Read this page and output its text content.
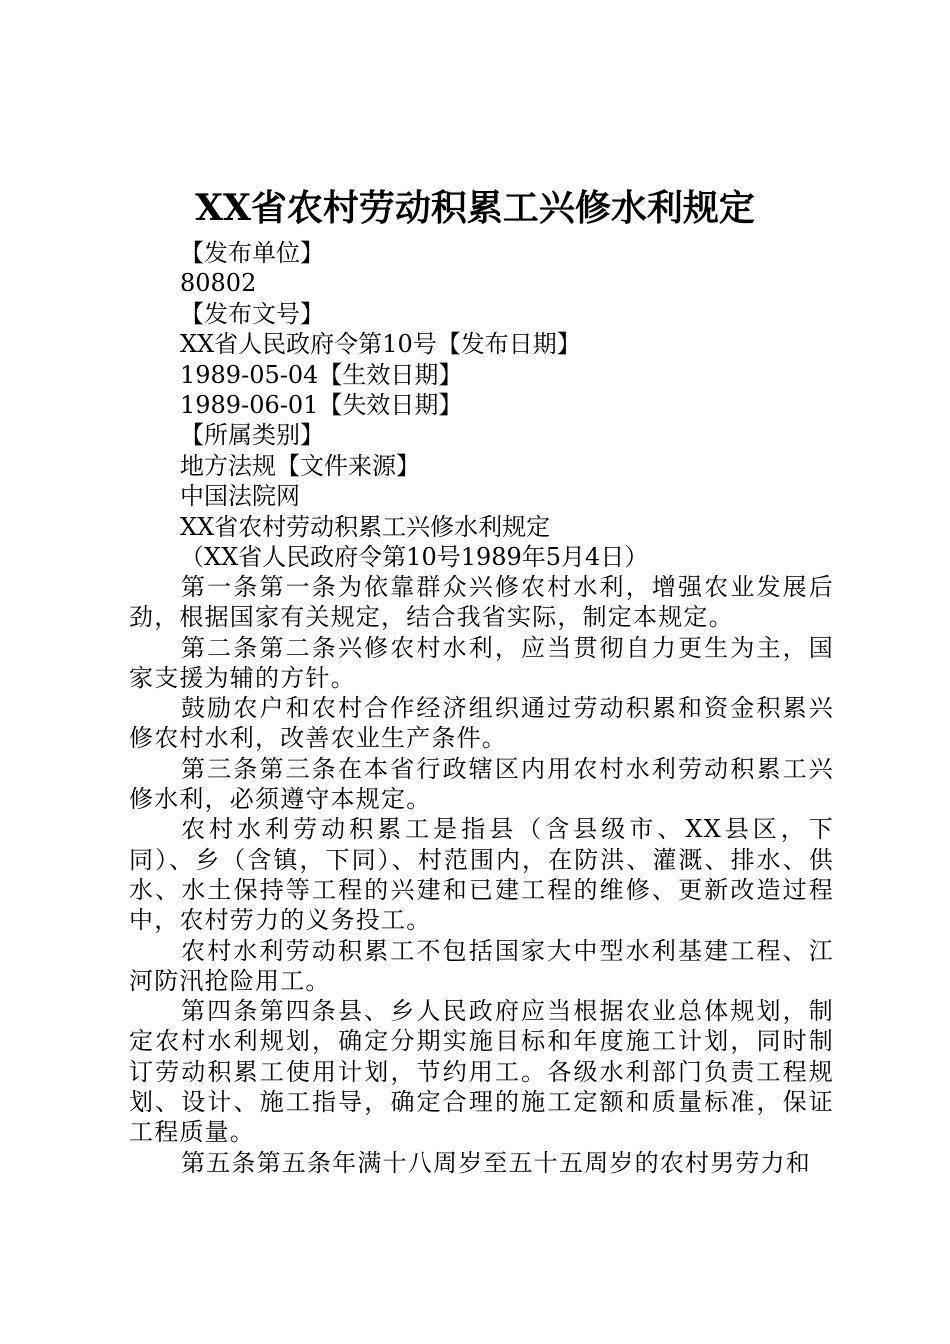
XX省农村劳动积累工兴修水利规定
【发布单位】
80802
【发布文号】
XX省人民政府令第10号【发布日期】
1989-05-04【生效日期】
1989-06-01【失效日期】
【所属类别】
地方法规【文件来源】
中国法院网
XX省农村劳动积累工兴修水利规定
（XX省人民政府令第10号1989年5月4日）
第一条第一条为依靠群众兴修农村水利，增强农业发展后劲，根据国家有关规定，结合我省实际，制定本规定。
第二条第二条兴修农村水利，应当贯彻自力更生为主，国家支援为辅的方针。
鼓励农户和农村合作经济组织通过劳动积累和资金积累兴修农村水利，改善农业生产条件。
第三条第三条在本省行政辖区内用农村水利劳动积累工兴修水利，必须遵守本规定。
农村水利劳动积累工是指县（含县级市、XX县区，下同）、乡（含镇，下同）、村范围内，在防洪、灌溉、排水、供水、水土保持等工程的兴建和已建工程的维修、更新改造过程中，农村劳力的义务投工。
农村水利劳动积累工不包括国家大中型水利基建工程、江河防汛抢险用工。
第四条第四条县、乡人民政府应当根据农业总体规划，制定农村水利规划，确定分期实施目标和年度施工计划，同时制订劳动积累工使用计划，节约用工。各级水利部门负责工程规划、设计、施工指导，确定合理的施工定额和质量标准，保证工程质量。
第五条第五条年满十八周岁至五十五周岁的农村男劳力和
